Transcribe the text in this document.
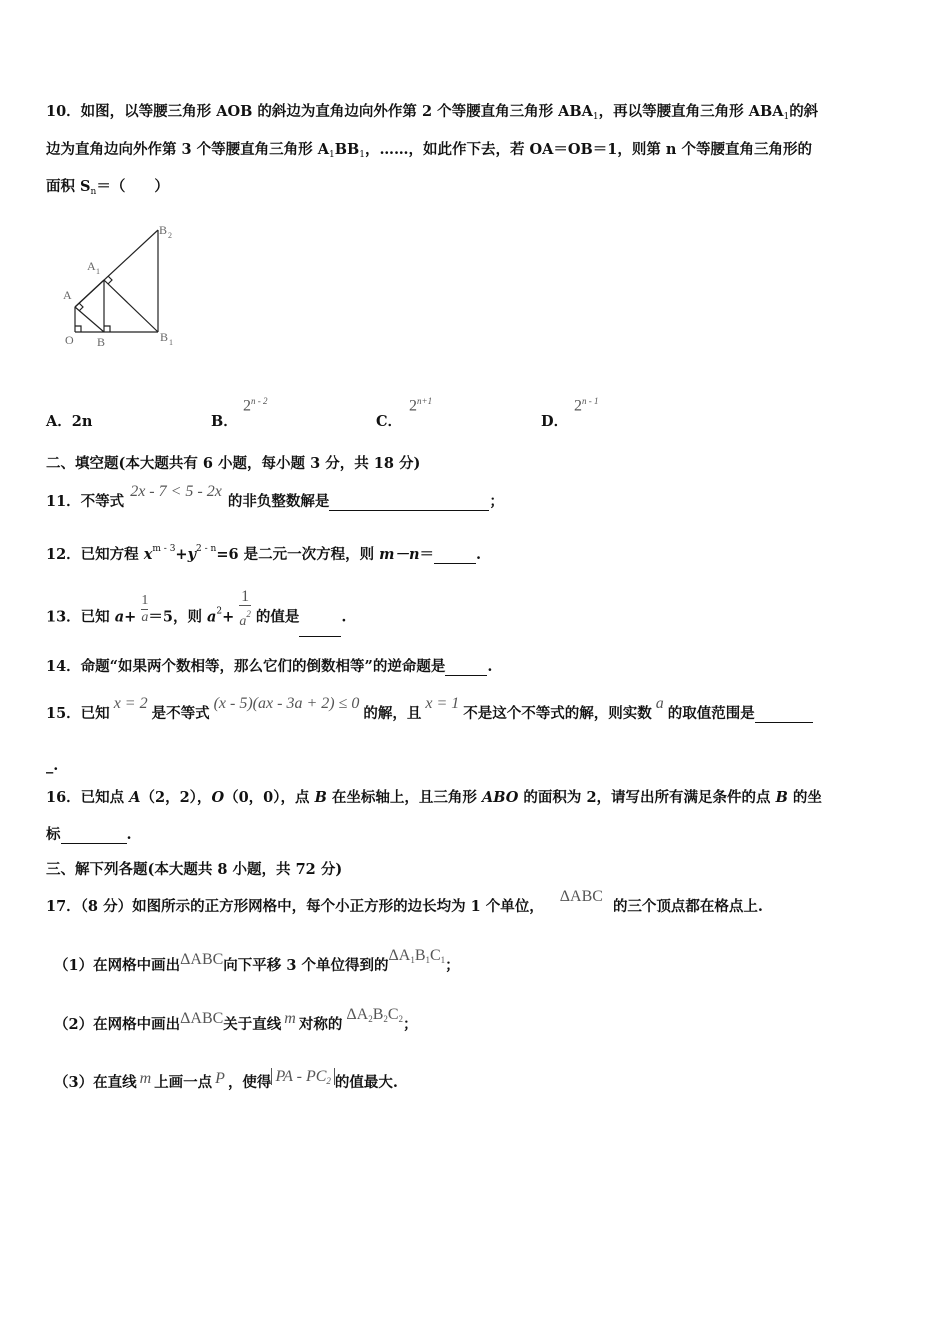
10．如图，以等腰三角形 AOB 的斜边为直角边向外作第 2 个等腰直角三角形 $ABA_1$，再以等腰直角三角形 $ABA_1$的斜
边为直角边向外作第 3 个等腰直角三角形 $A_1BB_1$，……，如此作下去，若 OA＝OB＝1，则第 n 个等腰直角三角形的
面积 $S_n=$（　　）
B 2
A 1
A
O B	B 1
A．2n	B．
2$^{n - 2}$
C．
$2^{n+1}$
D．
2$^{n - 1}$
二、填空题(本大题共有 6 小题，每小题 3 分，共 18 分)
11．不等式2x - 7 < 5 - 2x的非负整数解是	；
12．已知方程 $x^{m - 3}+y^{2 - n}=6$ 是二元一次方程，则 m－n＝	.
13．已知 $a+ \frac{1}{a} =5$，则 $a^2+ \frac{1}{a^2}$ 的值是	.
14．命题“如果两个数相等，那么它们的倒数相等”的逆命题是	.
15．已知x = 2是不等式(x - 5)(ax - 3a + 2) ≤ 0的解，且x = 1不是这个不等式的解，则实数a的取值范围是
_.
16．已知点 A（2，2），O（0，0），点 B 在坐标轴上，且三角形 ABO 的面积为 2，请写出所有满足条件的点 B 的坐
标	.
三、解下列各题(本大题共 8 小题，共 72 分)
17．（8 分）如图所示的正方形网格中，每个小正方形的边长均为 1 个单位，ΔABC的三个顶点都在格点上.
（1）在网格中画出ΔABC向下平移 3 个单位得到的$\Delta A_1B_1C_1$；
（2）在网格中画出ΔABC关于直线 m 对称的$\Delta A_2B_2C_2$；
（3）在直线 m 上画一点 P ，使得 PA - $PC_2$ 的值最大.
